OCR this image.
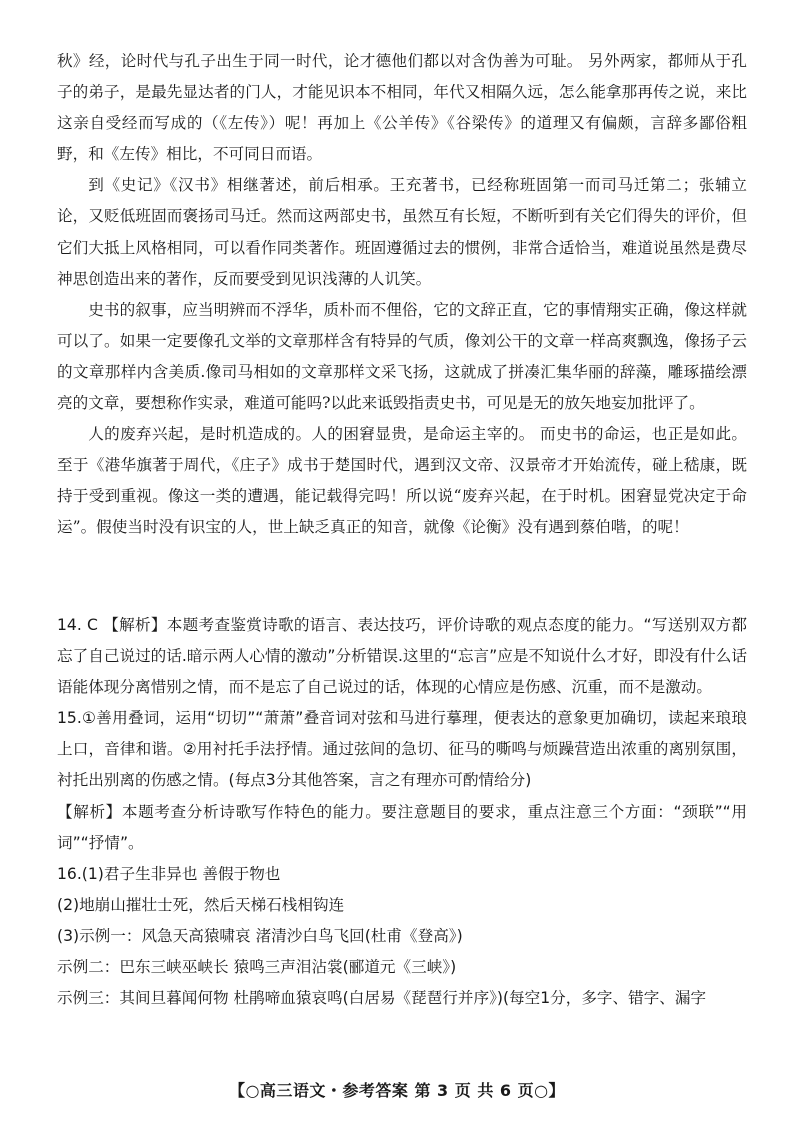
秋》经，论时代与孔子出生于同一时代，论才德他们都以对含伪善为可耻。 另外两家，都师从于孔子的弟子，是最先显达者的门人，才能见识本不相同，年代又相隔久远，怎么能拿那再传之说，来比这亲自受经而写成的（《左传》）呢！再加上《公羊传》《谷梁传》的道理又有偏颇，言辞多鄙俗粗野，和《左传》相比，不可同日而语。

到《史记》《汉书》相继著述，前后相承。王充著书，已经称班固第一而司马迁第二；张辅立论，又贬低班固而褒扬司马迁。然而这两部史书，虽然互有长短，不断听到有关它们得失的评价，但它们大抵上风格相同，可以看作同类著作。班固遵循过去的惯例，非常合适恰当，难道说虽然是费尽神思创造出来的著作，反而要受到见识浅薄的人讥笑。

史书的叙事，应当明辨而不浮华，质朴而不俚俗，它的文辞正直，它的事情翔实正确，像这样就可以了。如果一定要像孔文举的文章那样含有特异的气质，像刘公干的文章一样高爽飘逸，像扬子云的文章那样内含美质.像司马相如的文章那样文采飞扬，这就成了拼凑汇集华丽的辞藻，雕琢描绘漂亮的文章，要想称作实录，难道可能吗?以此来诋毁指责史书，可见是无的放矢地妄加批评了。

人的废弃兴起，是时机造成的。人的困窘显贵，是命运主宰的。 而史书的命运，也正是如此。至于《港华旗著于周代，《庄子》成书于楚国时代，遇到汉文帝、汉景帝才开始流传，碰上嵇康，既持于受到重视。像这一类的遭遇，能记载得完吗！所以说“废弃兴起，在于时机。困窘显党决定于命运”。假使当时没有识宝的人，世上缺乏真正的知音，就像《论衡》没有遇到蔡伯喈，的呢！

14. C 【解析】本题考查鉴赏诗歌的语言、表达技巧，评价诗歌的观点态度的能力。“写送别双方都忘了自己说过的话.暗示两人心情的激动”分析错误.这里的“忘言”应是不知说什么才好，即没有什么话语能体现分离惜别之情，而不是忘了自己说过的话，体现的心情应是伤感、沉重，而不是激动。

15.①善用叠词，运用“切切”“萧萧”叠音词对弦和马进行摹理，便表达的意象更加确切，读起来琅琅上口，音律和谐。②用衬托手法抒情。通过弦间的急切、征马的嘶鸣与烦躁营造出浓重的离别氛围，衬托出别离的伤感之情。(每点3分其他答案，言之有理亦可酌情给分)

【解析】本题考查分析诗歌写作特色的能力。要注意题目的要求，重点注意三个方面：“颈联”“用词”“抒情”。

16.(1)君子生非异也 善假于物也

(2)地崩山摧壮士死，然后天梯石栈相钩连

(3)示例一：风急天高猿啸哀 渚清沙白鸟飞回(杜甫《登高》)

示例二：巴东三峡巫峡长 猿鸣三声泪沾裳(郦道元《三峡》)

示例三：其间旦暮闻何物 杜鹃啼血猿哀鸣(白居易《琵琶行并序》)(每空1分，多字、错字、漏字

【○高三语文・参考答案 第 3 页 共 6 页○】
